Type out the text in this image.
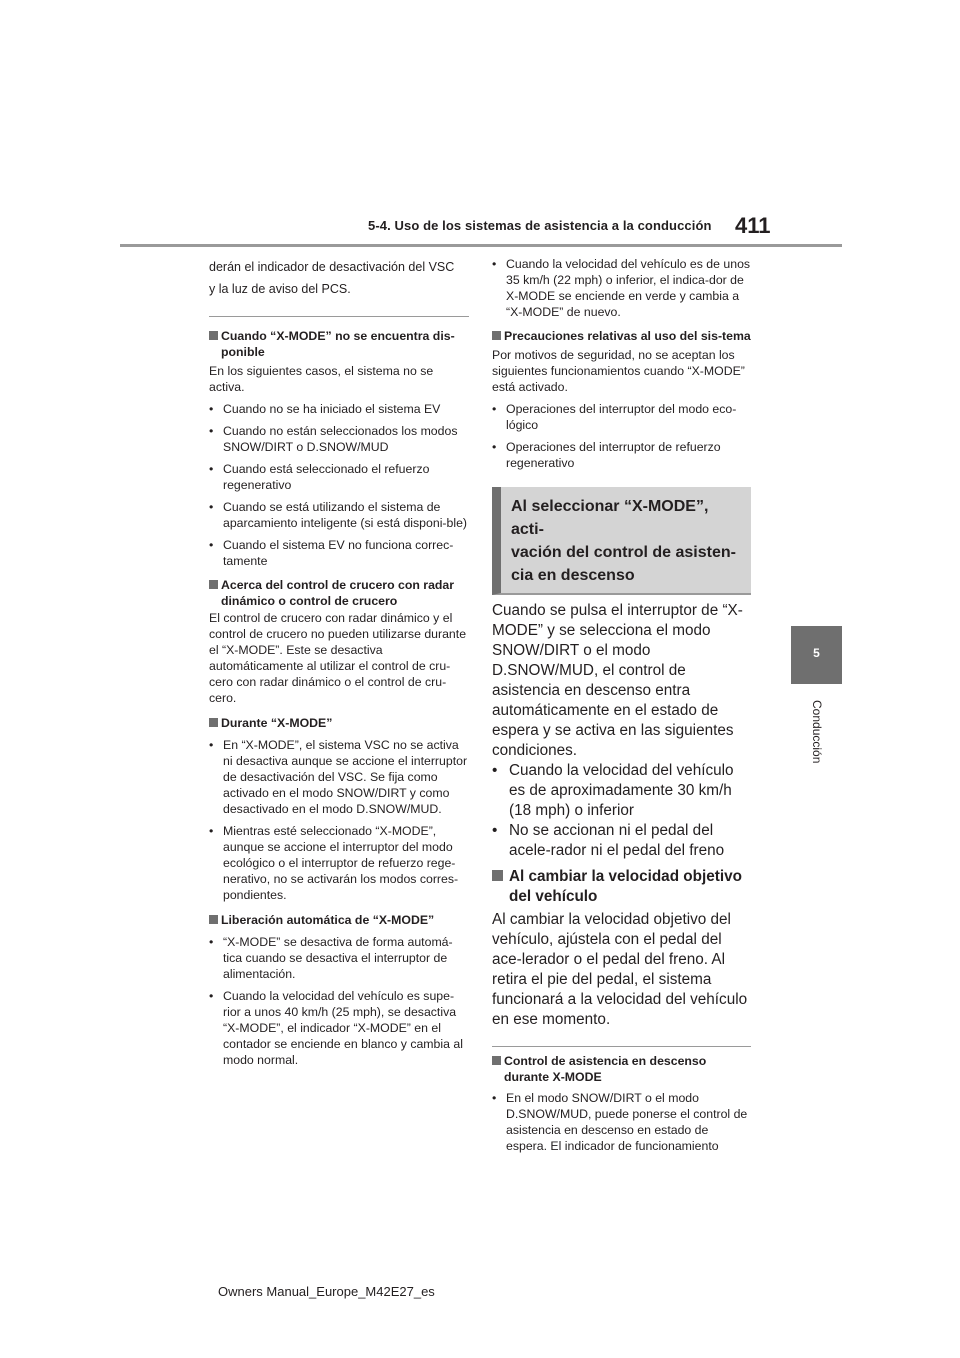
5-4. Uso de los sistemas de asistencia a la conducción 411
5
Conducción

derán el indicador de desactivación del VSC

y la luz de aviso del PCS.

Cuando “X-MODE” no se encuentra dis-ponible

En los siguientes casos, el sistema no se activa.

• Cuando no se ha iniciado el sistema EV
• Cuando no están seleccionados los modos SNOW/DIRT o D.SNOW/MUD
• Cuando está seleccionado el refuerzo regenerativo
• Cuando se está utilizando el sistema de aparcamiento inteligente (si está disponi-ble)
• Cuando el sistema EV no funciona correc-tamente

Acerca del control de crucero con radar dinámico o control de crucero

El control de crucero con radar dinámico y el control de crucero no pueden utilizarse durante el “X-MODE”. Este se desactiva automáticamente al utilizar el control de cru-cero con radar dinámico o el control de cru-cero.

Durante “X-MODE”

• En “X-MODE”, el sistema VSC no se activa ni desactiva aunque se accione el interruptor de desactivación del VSC. Se fija como activado en el modo SNOW/DIRT y como desactivado en el modo D.SNOW/MUD.
• Mientras esté seleccionado “X-MODE”, aunque se accione el interruptor del modo ecológico o el interruptor de refuerzo rege-nerativo, no se activarán los modos corres-pondientes.

Liberación automática de “X-MODE”

• “X-MODE” se desactiva de forma automá-tica cuando se desactiva el interruptor de alimentación.
• Cuando la velocidad del vehículo es supe-rior a unos 40 km/h (25 mph), se desactiva “X-MODE”, el indicador “X-MODE” en el contador se enciende en blanco y cambia al modo normal.
• Cuando la velocidad del vehículo es de unos 35 km/h (22 mph) o inferior, el indica-dor de X-MODE se enciende en verde y cambia a “X-MODE” de nuevo.

Precauciones relativas al uso del sis-tema

Por motivos de seguridad, no se aceptan los siguientes funcionamientos cuando “X-MODE” está activado.

• Operaciones del interruptor del modo eco-lógico
• Operaciones del interruptor de refuerzo regenerativo

Al seleccionar “X-MODE”, acti-

vación del control de asisten-

cia en descenso

Cuando se pulsa el interruptor de “X-MODE” y se selecciona el modo SNOW/DIRT o el modo D.SNOW/MUD, el control de asistencia en descenso entra automáticamente en el estado de espera y se activa en las siguientes condiciones.

• Cuando la velocidad del vehículo es de aproximadamente 30 km/h (18 mph) o inferior
• No se accionan ni el pedal del acele-rador ni el pedal del freno

Al cambiar la velocidad objetivo del vehículo

Al cambiar la velocidad objetivo del vehículo, ajústela con el pedal del ace-lerador o el pedal del freno. Al retira el pie del pedal, el sistema funcionará a la velocidad del vehículo en ese momento.

Control de asistencia en descenso durante X-MODE

• En el modo SNOW/DIRT o el modo D.SNOW/MUD, puede ponerse el control de asistencia en descenso en estado de espera. El indicador de funcionamiento
Owners Manual_Europe_M42E27_es
